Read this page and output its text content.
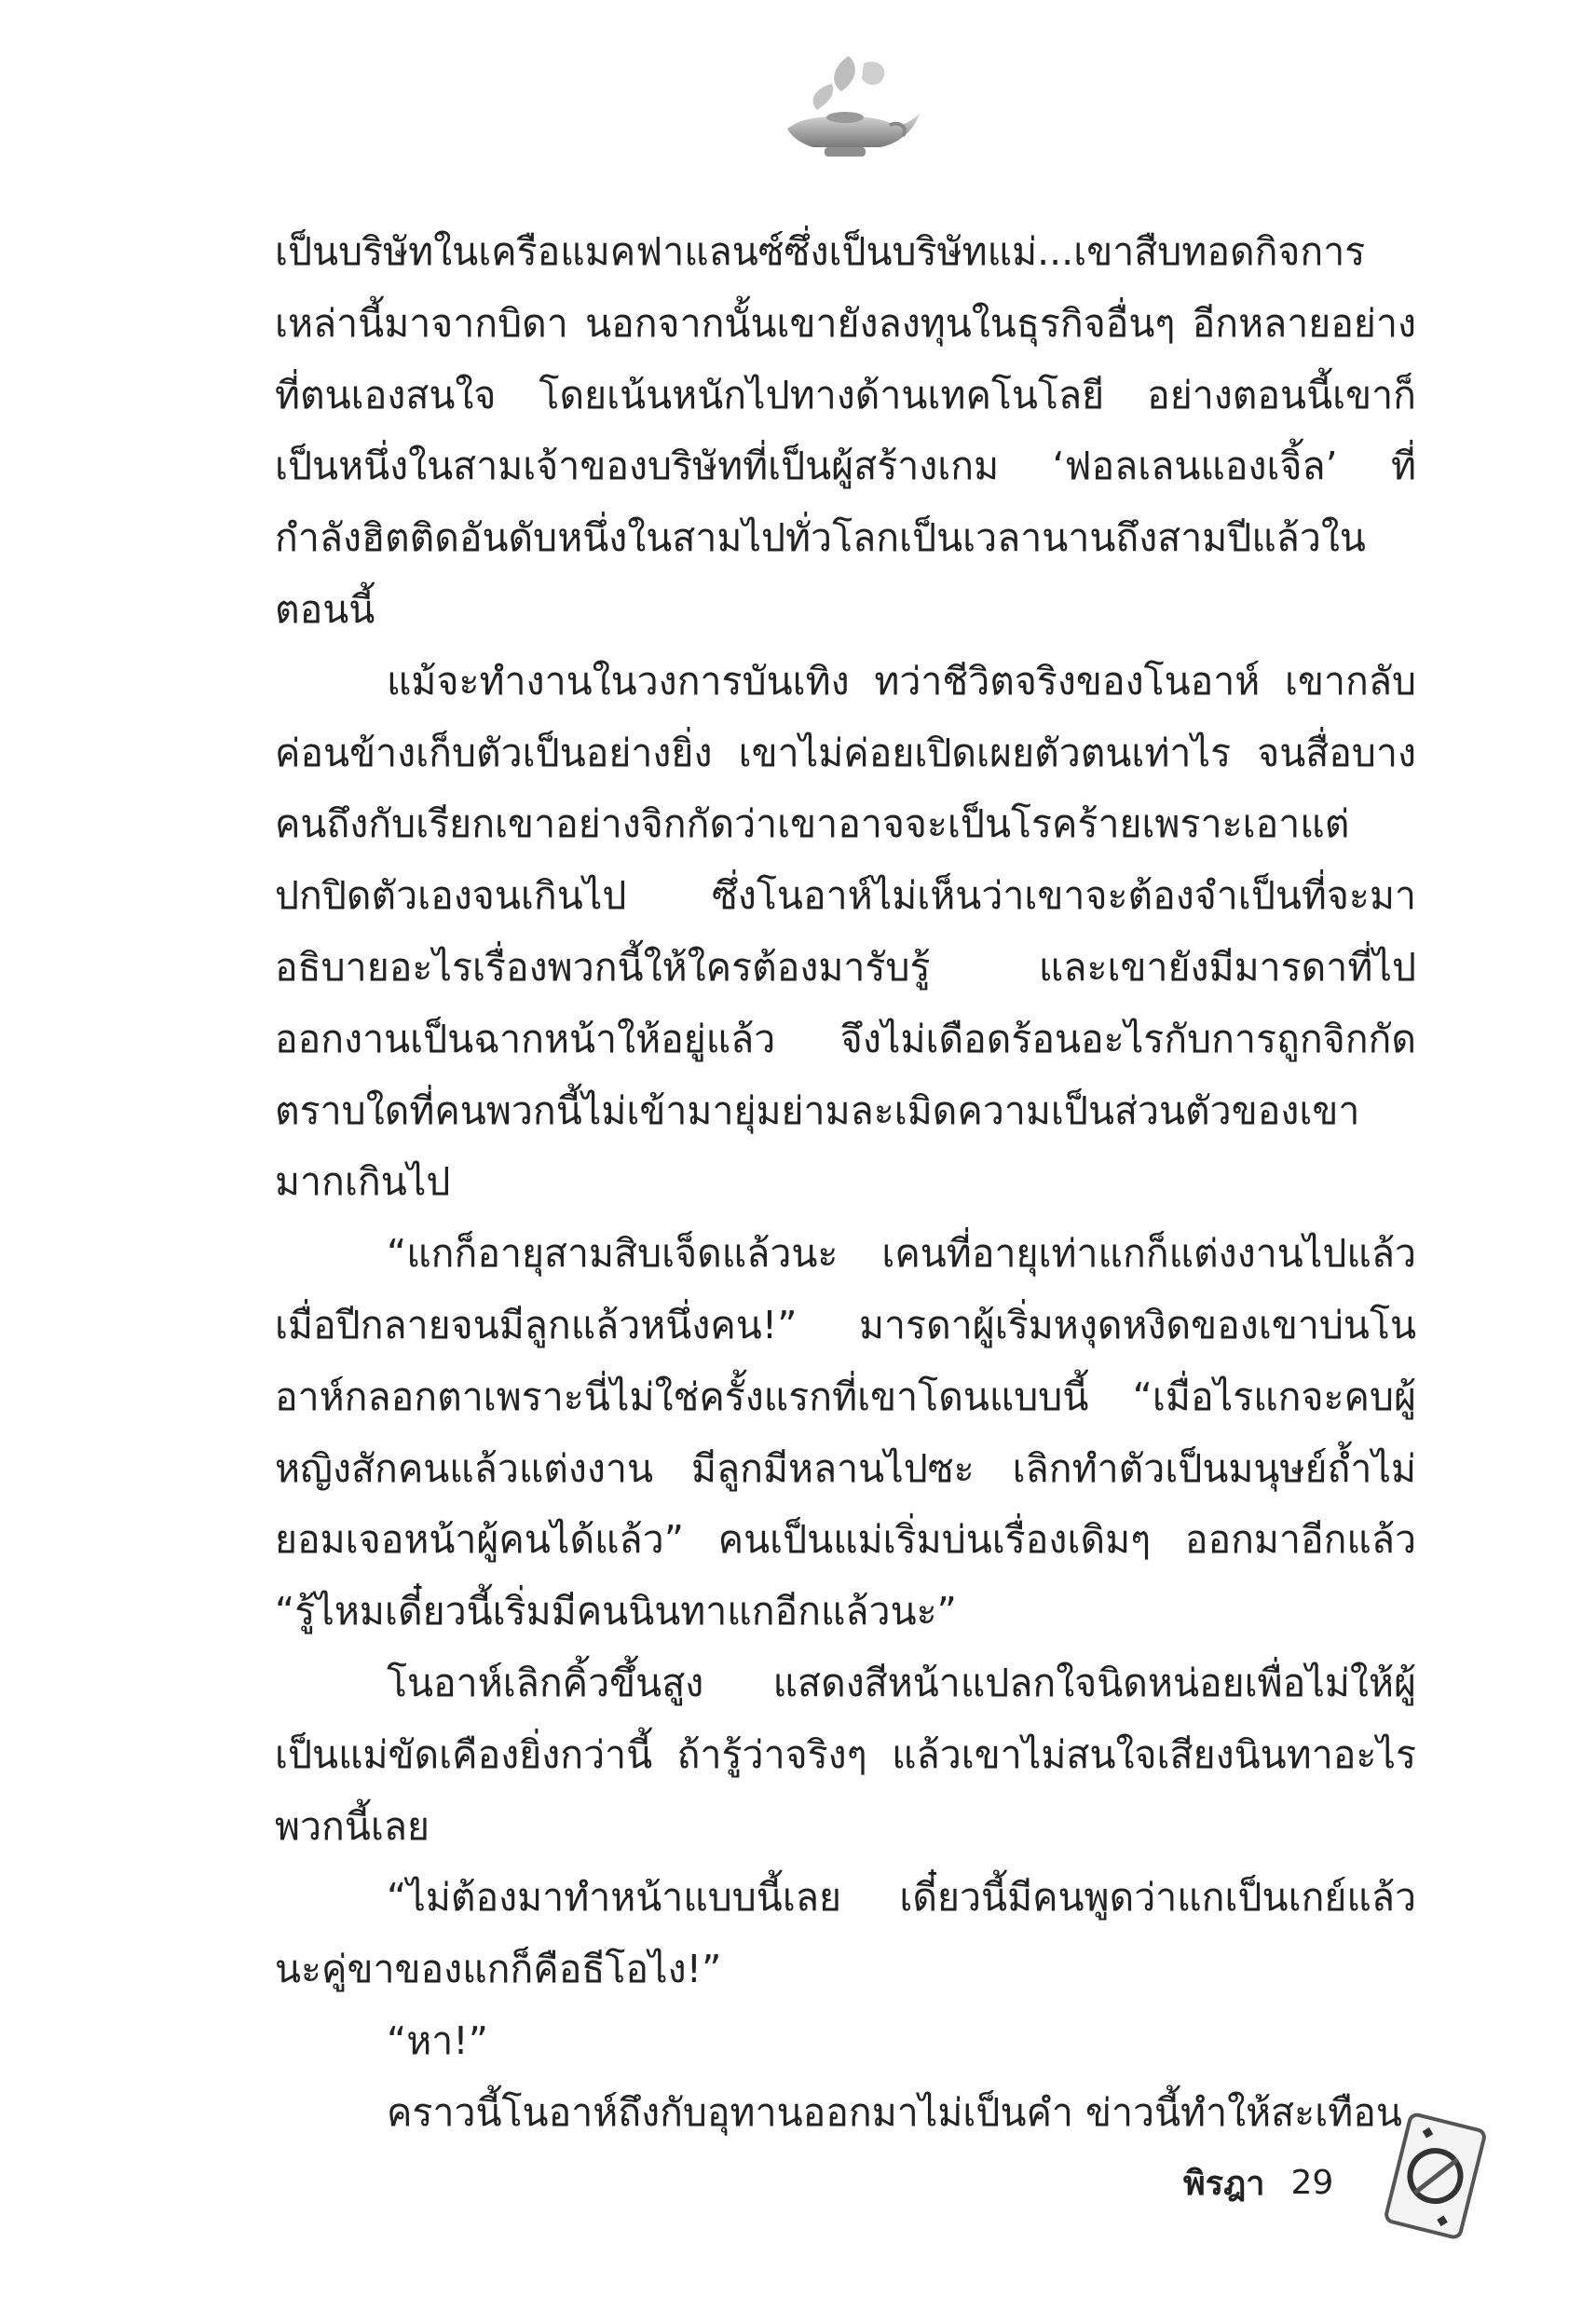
เป็นบริษัทในเครือแมคฟาแลนซ์ซึ่งเป็นบริษัทแม่...เขาสืบทอดกิจการเหล่านี้มาจากบิดา นอกจากนั้นเขายังลงทุนในธุรกิจอื่นๆ อีกหลายอย่างที่ตนเองสนใจ โดยเน้นหนักไปทางด้านเทคโนโลยี อย่างตอนนี้เขาก็เป็นหนึ่งในสามเจ้าของบริษัทที่เป็นผู้สร้างเกม ‘ฟอลเลนแองเจิ้ล’ ที่กำลังฮิตติดอันดับหนึ่งในสามไปทั่วโลกเป็นเวลานานถึงสามปีแล้วในตอนนี้

แม้จะทำงานในวงการบันเทิง ทว่าชีวิตจริงของโนอาห์ เขากลับค่อนข้างเก็บตัวเป็นอย่างยิ่ง เขาไม่ค่อยเปิดเผยตัวตนเท่าไร จนสื่อบางคนถึงกับเรียกเขาอย่างจิกกัดว่าเขาอาจจะเป็นโรคร้ายเพราะเอาแต่ปกปิดตัวเองจนเกินไป ซึ่งโนอาห์ไม่เห็นว่าเขาจะต้องจำเป็นที่จะมาอธิบายอะไรเรื่องพวกนี้ให้ใครต้องมารับรู้ และเขายังมีมารดาที่ไปออกงานเป็นฉากหน้าให้อยู่แล้ว จึงไม่เดือดร้อนอะไรกับการถูกจิกกัดตราบใดที่คนพวกนี้ไม่เข้ามายุ่มย่ามละเมิดความเป็นส่วนตัวของเขามากเกินไป

“แกก็อายุสามสิบเจ็ดแล้วนะ เคนที่อายุเท่าแกก็แต่งงานไปแล้วเมื่อปีกลายจนมีลูกแล้วหนึ่งคน!” มารดาผู้เริ่มหงุดหงิดของเขาบ่นโนอาห์กลอกตาเพราะนี่ไม่ใช่ครั้งแรกที่เขาโดนแบบนี้ “เมื่อไรแกจะคบผู้หญิงสักคนแล้วแต่งงาน มีลูกมีหลานไปซะ เลิกทำตัวเป็นมนุษย์ถ้ำไม่ยอมเจอหน้าผู้คนได้แล้ว” คนเป็นแม่เริ่มบ่นเรื่องเดิมๆ ออกมาอีกแล้ว “รู้ไหมเดี๋ยวนี้เริ่มมีคนนินทาแกอีกแล้วนะ”

โนอาห์เลิกคิ้วขึ้นสูง แสดงสีหน้าแปลกใจนิดหน่อยเพื่อไม่ให้ผู้เป็นแม่ขัดเคืองยิ่งกว่านี้ ถ้ารู้ว่าจริงๆ แล้วเขาไม่สนใจเสียงนินทาอะไรพวกนี้เลย

“ไม่ต้องมาทำหน้าแบบนี้เลย เดี๋ยวนี้มีคนพูดว่าแกเป็นเกย์แล้วนะคู่ขาของแกก็คือธีโอไง!”

“หา!”

คราวนี้โนอาห์ถึงกับอุทานออกมาไม่เป็นคำ ข่าวนี้ทำให้สะเทือน

พิรฎา 29
